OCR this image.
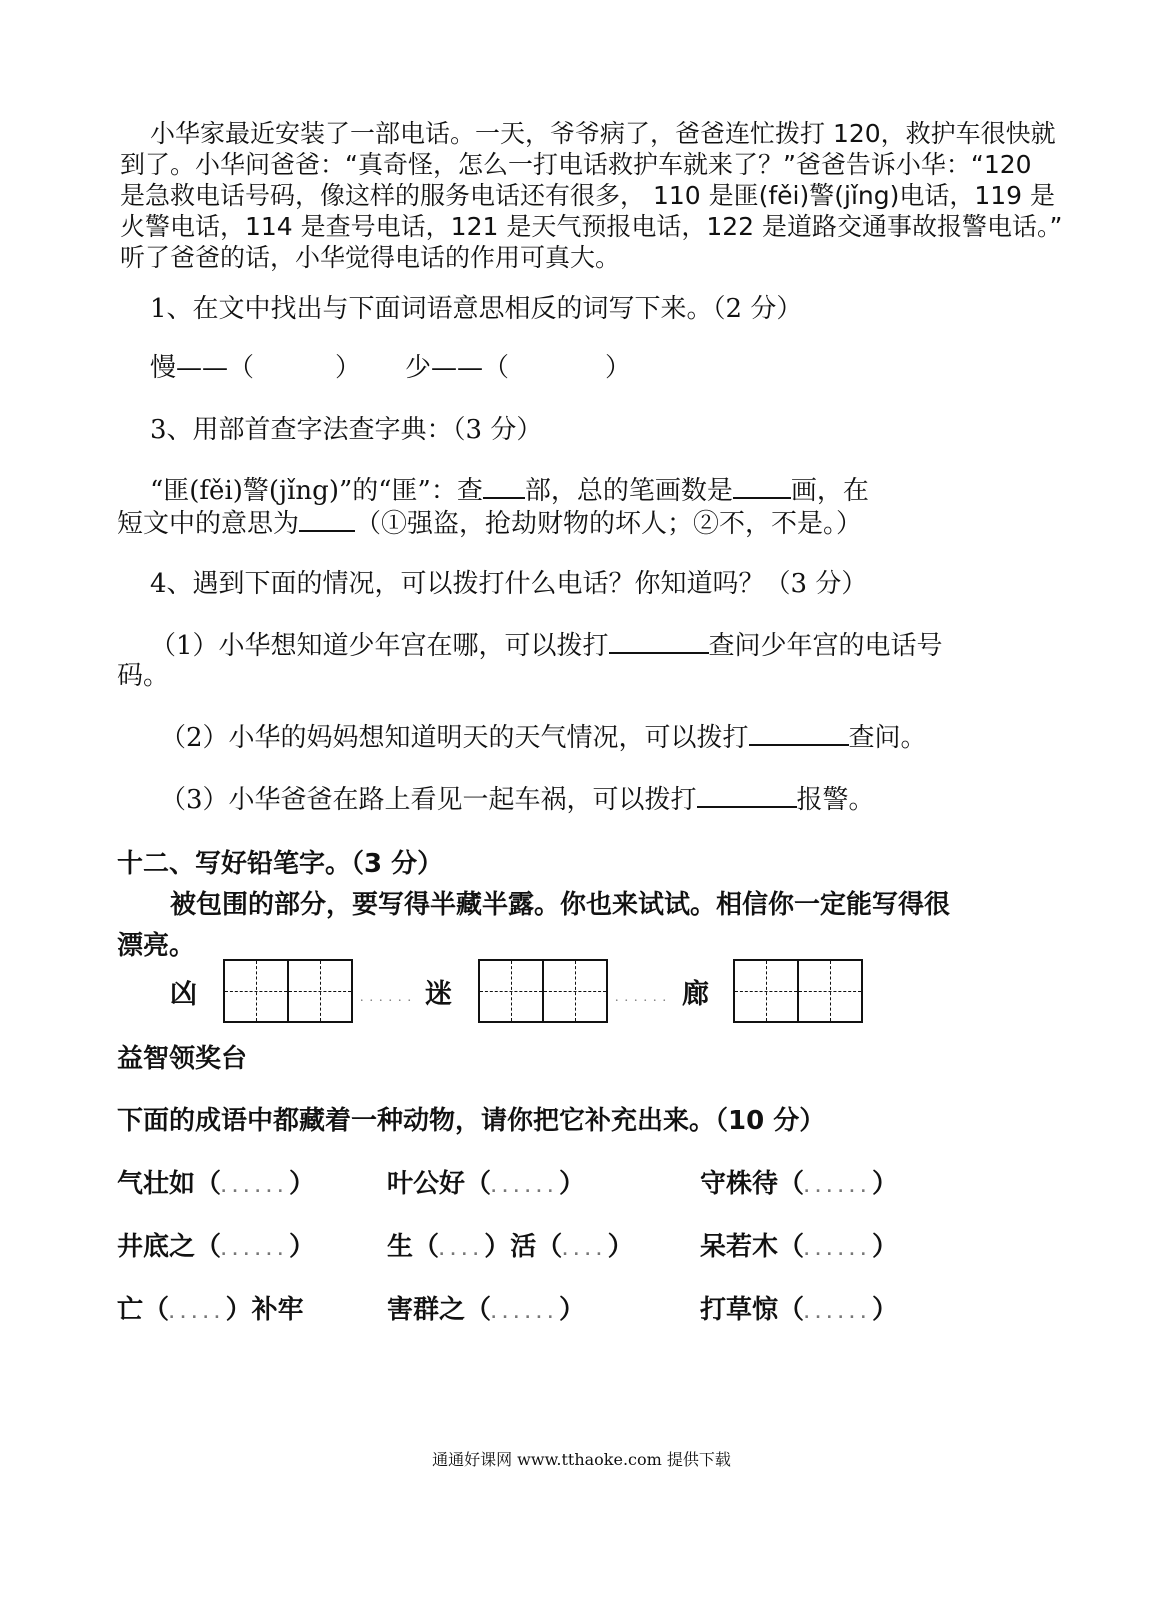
小华家最近安装了一部电话。一天，爷爷病了，爸爸连忙拨打 120，救护车很快就
到了。小华问爸爸：“真奇怪，怎么一打电话救护车就来了？”爸爸告诉小华：“120
是急救电话号码，像这样的服务电话还有很多， 110 是匪(fěi)警(jǐng)电话，119 是
火警电话，114 是查号电话，121 是天气预报电话，122 是道路交通事故报警电话。”
听了爸爸的话，小华觉得电话的作用可真大。
1、在文中找出与下面词语意思相反的词写下来。（2 分）
慢——（	） 少——（	）
3、用部首查字法查字典：（3 分）
“匪(fěi)警(jǐng)”的“匪”：查 部，总的笔画数是 画，在
短文中的意思为 （①强盗，抢劫财物的坏人；②不，不是。）
4、遇到下面的情况，可以拨打什么电话？你知道吗？（3 分）
（1）小华想知道少年宫在哪，可以拨打	查问少年宫的电话号
码。
（2）小华的妈妈想知道明天的天气情况，可以拨打	查问。
（3）小华爸爸在路上看见一起车祸，可以拨打	报警。
十二、写好铅笔字。（3 分）
被包围的部分，要写得半藏半露。你也来试试。相信你一定能写得很
漂亮。
凶	...... 迷	...... 廊
益智领奖台
下面的成语中都藏着一种动物，请你把它补充出来。（10 分）
气壮如（......）	叶公好（......）	守株待（......）
井底之（......）	生（....）活（....）	呆若木（......）
亡（.....）补牢	害群之（......）	打草惊（......）
通通好课网 www.tthaoke.com 提供下载
